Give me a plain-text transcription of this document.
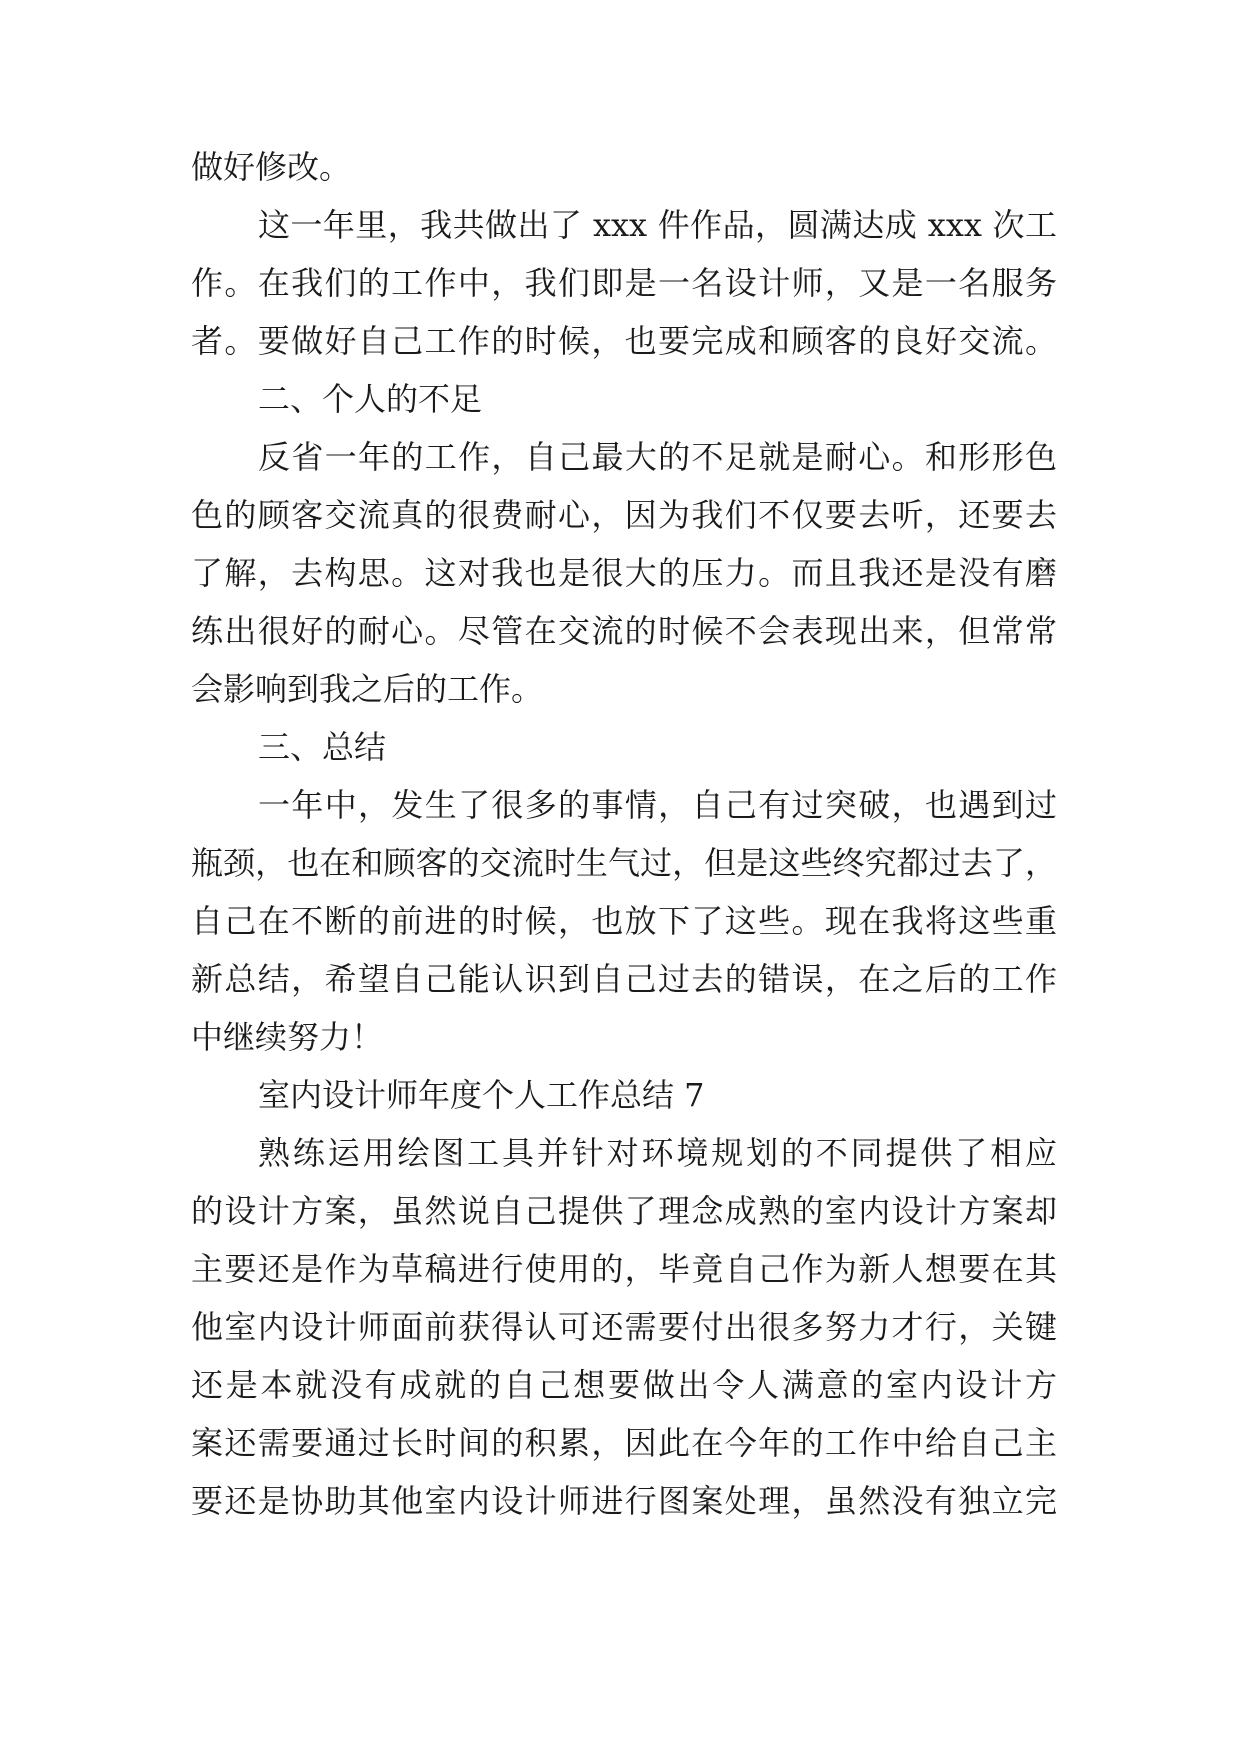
做好修改。
这一年里，我共做出了 xxx 件作品，圆满达成 xxx 次工
作。在我们的工作中，我们即是一名设计师，又是一名服务
者。要做好自己工作的时候，也要完成和顾客的良好交流。
二、个人的不足
反省一年的工作，自己最大的不足就是耐心。和形形色
色的顾客交流真的很费耐心，因为我们不仅要去听，还要去
了解，去构思。这对我也是很大的压力。而且我还是没有磨
练出很好的耐心。尽管在交流的时候不会表现出来，但常常
会影响到我之后的工作。
三、总结
一年中，发生了很多的事情，自己有过突破，也遇到过
瓶颈，也在和顾客的交流时生气过，但是这些终究都过去了，
自己在不断的前进的时候，也放下了这些。现在我将这些重
新总结，希望自己能认识到自己过去的错误，在之后的工作
中继续努力！
室内设计师年度个人工作总结 7
熟练运用绘图工具并针对环境规划的不同提供了相应
的设计方案，虽然说自己提供了理念成熟的室内设计方案却
主要还是作为草稿进行使用的，毕竟自己作为新人想要在其
他室内设计师面前获得认可还需要付出很多努力才行，关键
还是本就没有成就的自己想要做出令人满意的室内设计方
案还需要通过长时间的积累，因此在今年的工作中给自己主
要还是协助其他室内设计师进行图案处理，虽然没有独立完
